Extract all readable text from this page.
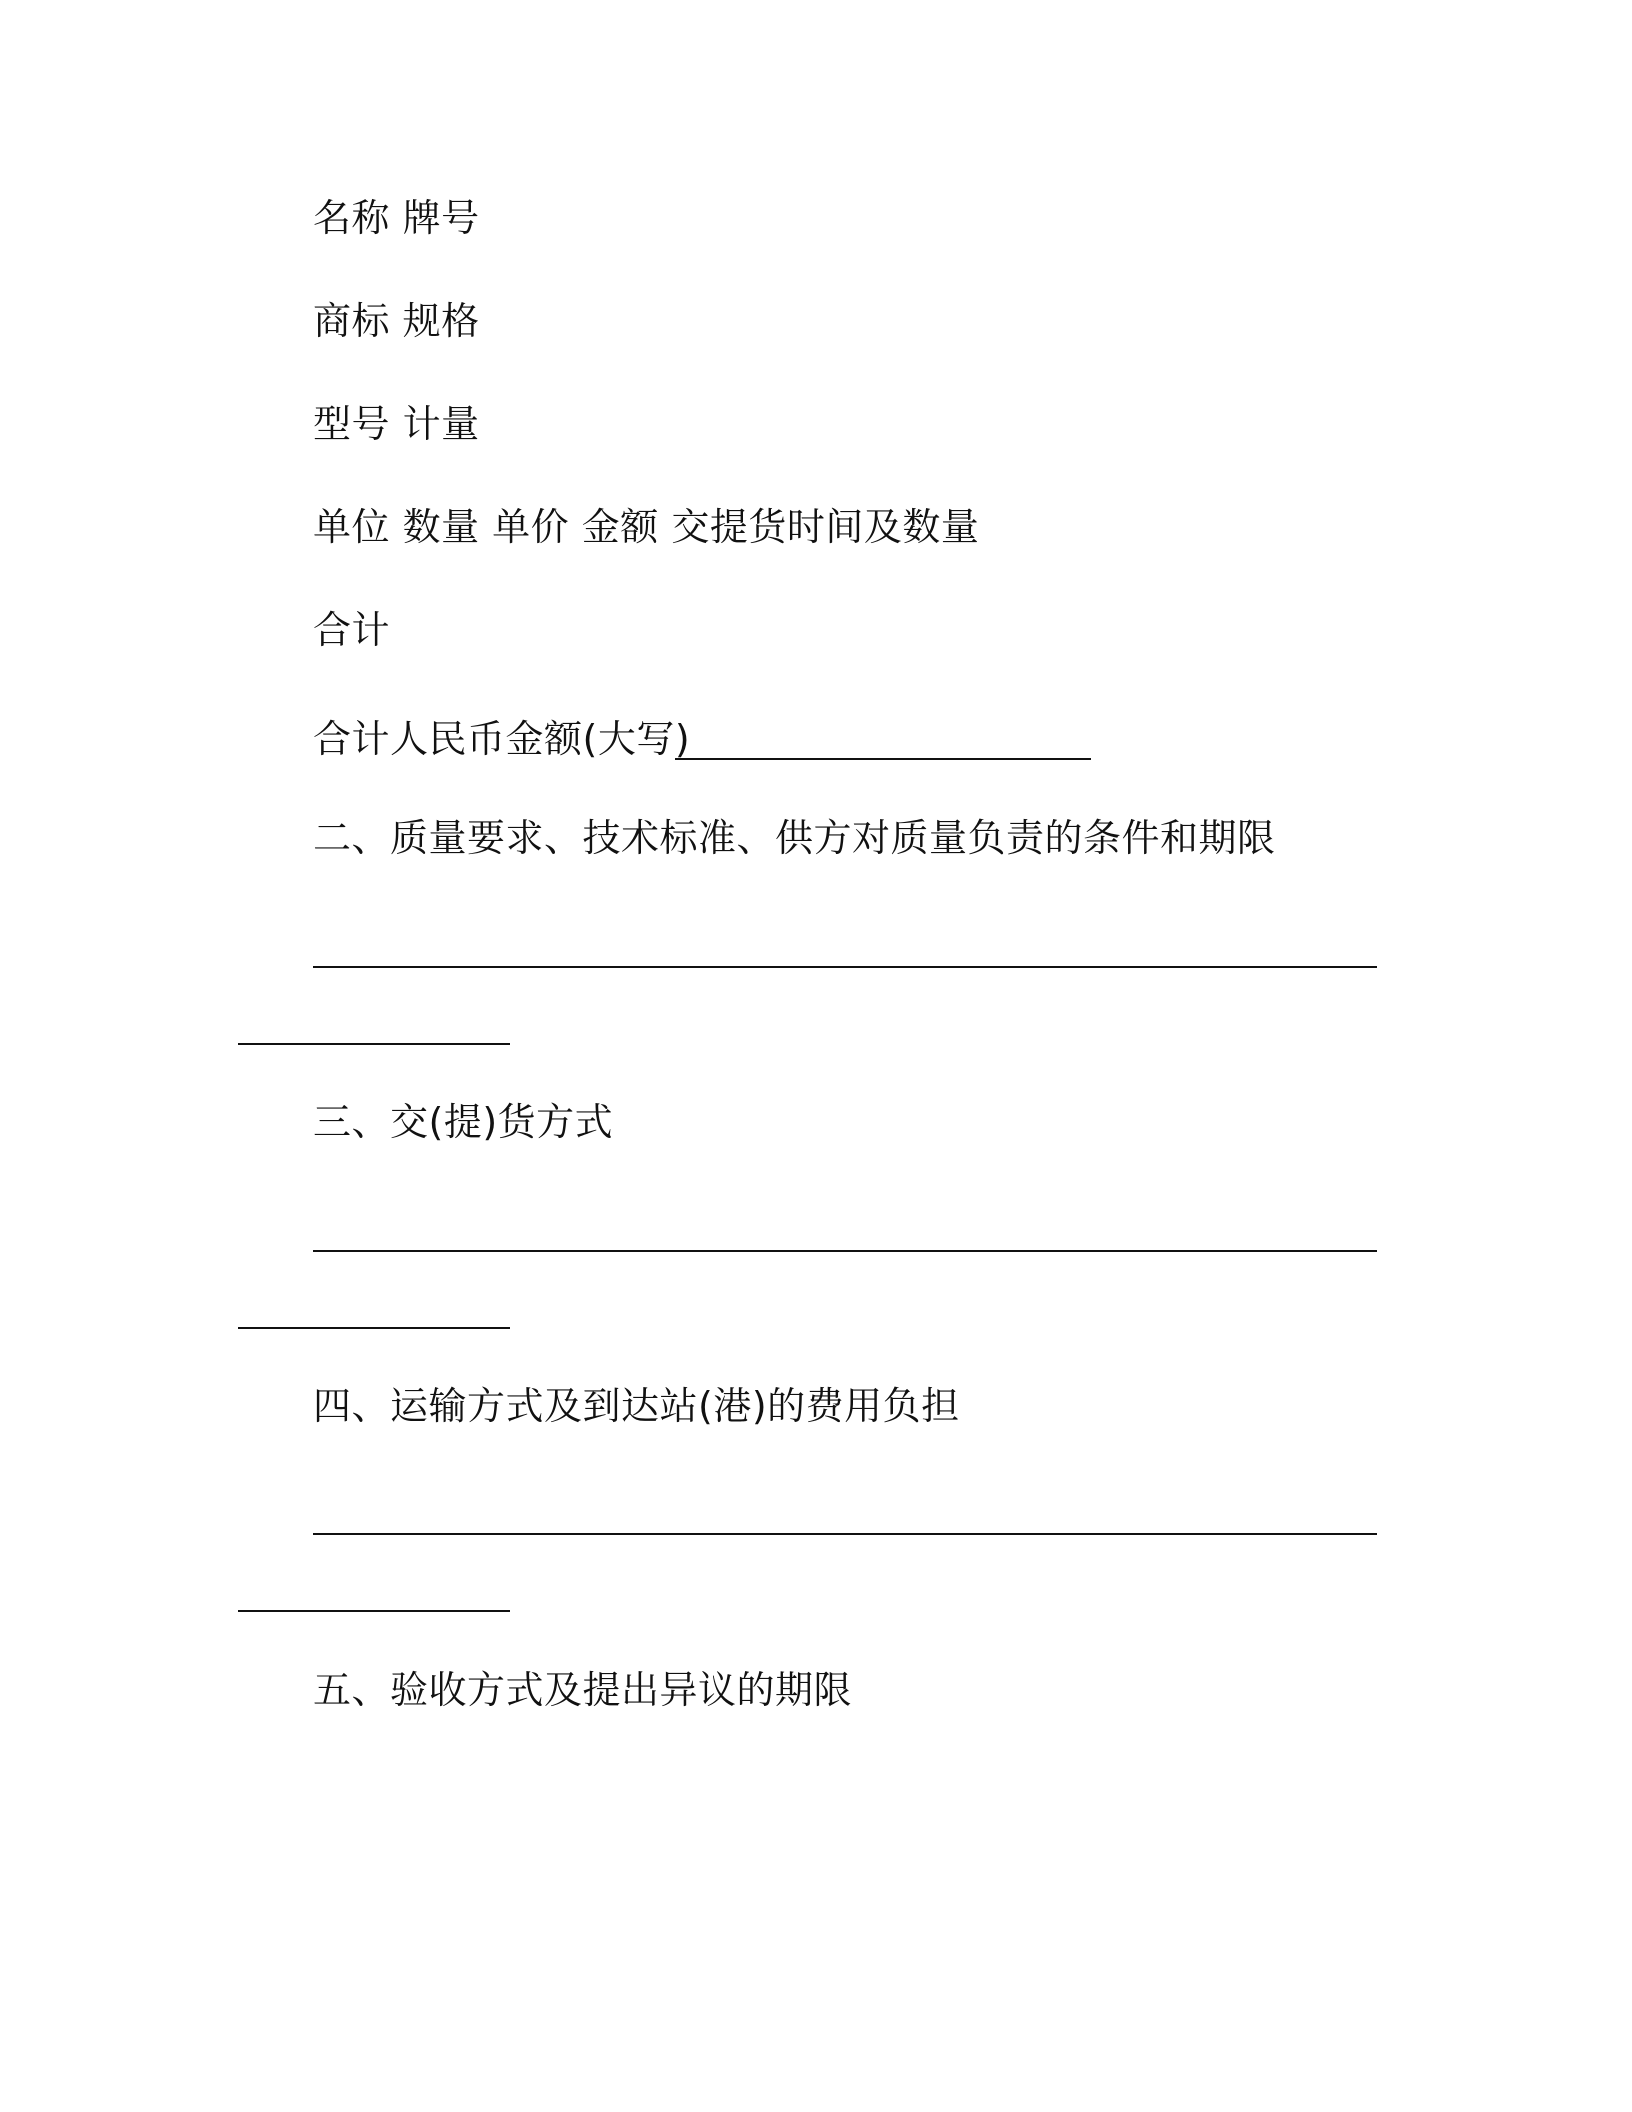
名称 牌号
商标 规格
型号 计量
单位 数量 单价 金额 交提货时间及数量
合计
合计人民币金额(大写)
二、质量要求、技术标准、供方对质量负责的条件和期限
三、交(提)货方式
四、运输方式及到达站(港)的费用负担
五、验收方式及提出异议的期限
